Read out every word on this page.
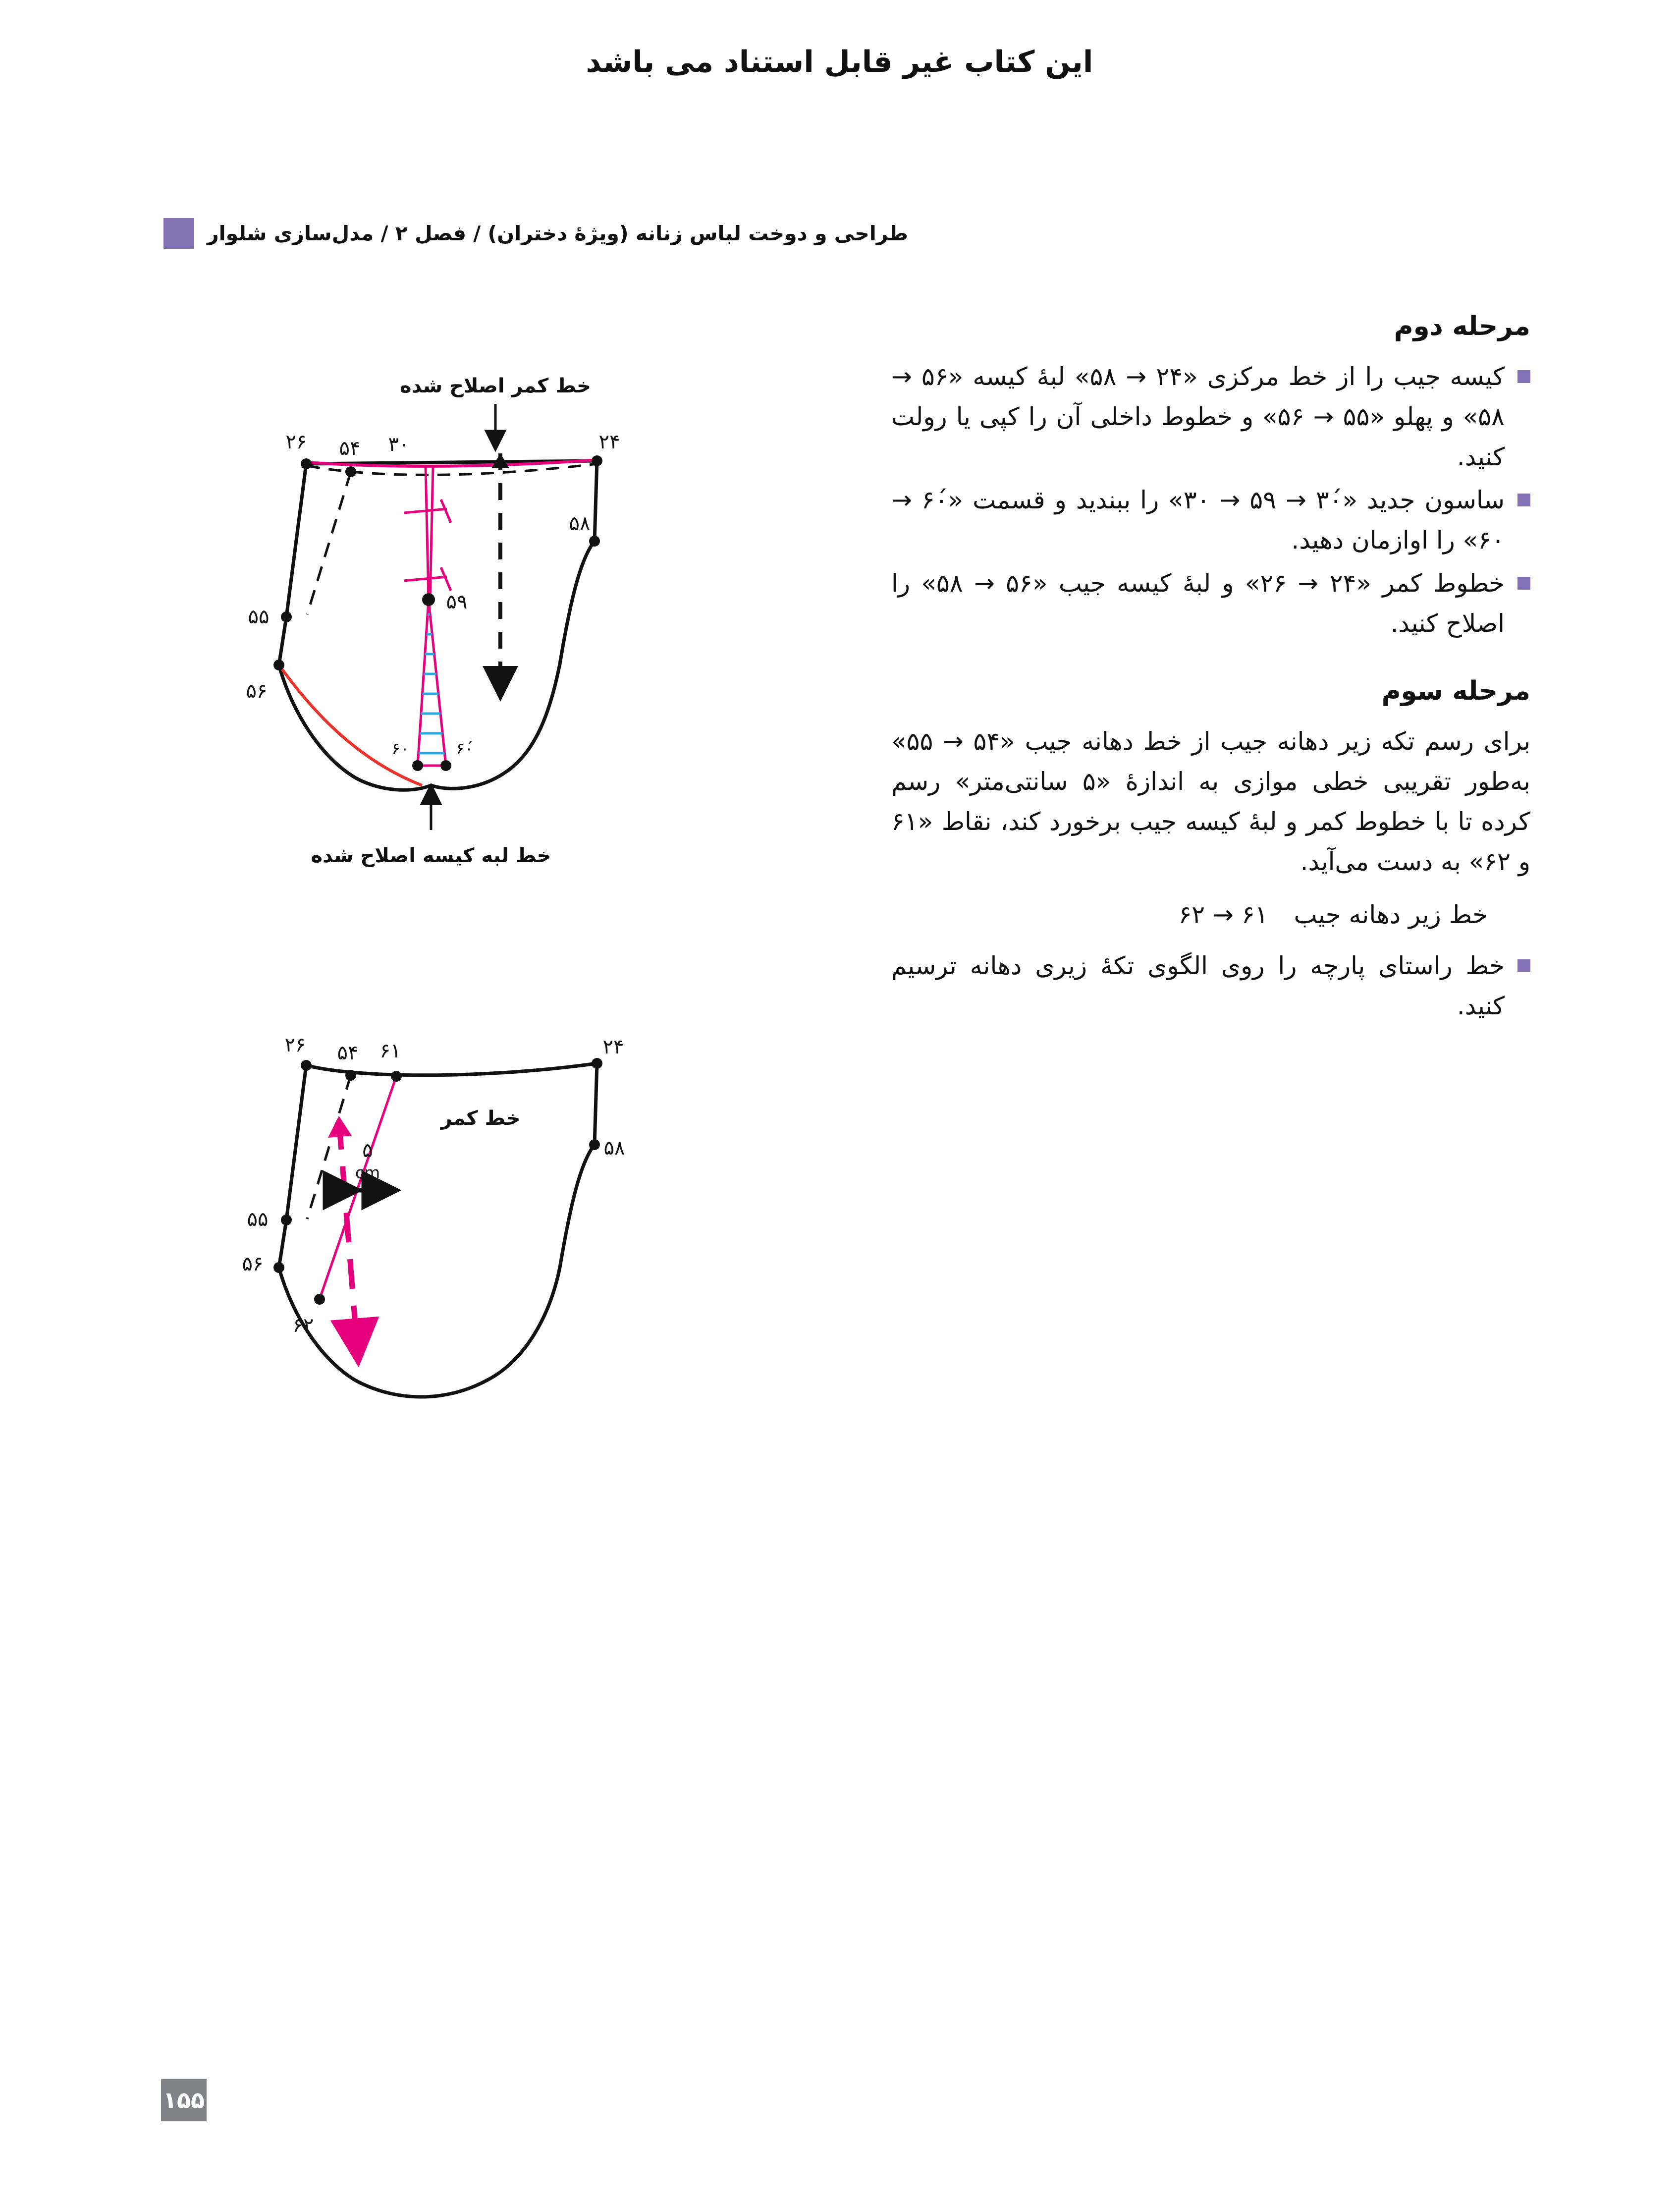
این کتاب غیر قابل استناد می باشد
طراحی و دوخت لباس زنانه (ویژهٔ دختران) / فصل ۲ / مدل‌سازی شلوار
مرحله دوم
کیسه جیب را از خط مرکزی «۲۴ → ۵۸» لبهٔ کیسه «۵۶ → ۵۸» و پهلو «۵۵ → ۵۶» و خطوط داخلی آن را کپی یا رولت کنید.
ساسون جدید «۳۰́ → ۵۹ → ۳۰» را ببندید و قسمت «۶۰́ → ۶۰» را اوازمان دهید.
خطوط کمر «۲۴ → ۲۶» و لبهٔ کیسه جیب «۵۶ → ۵۸» را اصلاح کنید.
مرحله سوم

برای رسم تکه زیر دهانه جیب از خط دهانه جیب «۵۴ → ۵۵» به‌طور تقریبی خطی موازی به اندازهٔ «۵ سانتی‌متر» رسم کرده تا با خطوط کمر و لبهٔ کیسه جیب برخورد کند، نقاط «۶۱ و ۶۲» به دست می‌آید.

خط زیر دهانه جیب۶۱ → ۶۲

خط راستای پارچه را روی الگوی تکهٔ زیری دهانه ترسیم کنید.
خط کمر اصلاح شده
۲۶ ۵۴ ۳۰	۲۴
۵۵
۵۶
۵۸
۵۹
۶۰	۶۰́
خط لبه کیسه اصلاح شده
۵
cm
خط کمر
۲۶ ۵۴ ۶۱	۲۴
۵۵
۵۶
۶۲
۵۸
۱۵۵
